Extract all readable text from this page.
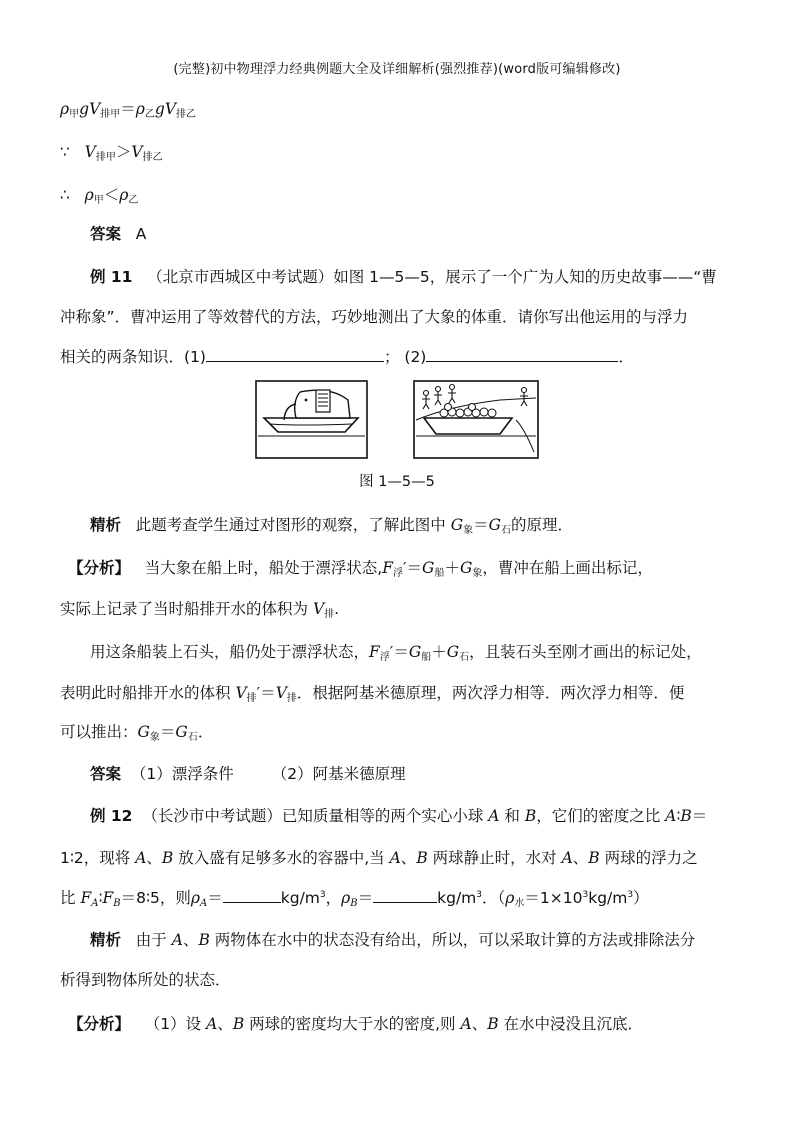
(完整)初中物理浮力经典例题大全及详细解析(强烈推荐)(word版可编辑修改)
ρ甲gV排甲＝ρ乙gV排乙
∵ V排甲＞V排乙
∴ ρ甲＜ρ乙
答案 A
例 11 （北京市西城区中考试题）如图 1—5—5，展示了一个广为人知的历史故事——“曹
冲称象”．曹冲运用了等效替代的方法，巧妙地测出了大象的体重．请你写出他运用的与浮力
相关的两条知识．(1)	； (2)	．
图 1—5—5
精析 此题考查学生通过对图形的观察，了解此图中 G象＝G石的原理．
【分析】 当大象在船上时，船处于漂浮状态,F浮′＝G船＋G象，曹冲在船上画出标记，
实际上记录了当时船排开水的体积为 V排.
用这条船装上石头，船仍处于漂浮状态，F浮′＝G船＋G石，且装石头至刚才画出的标记处，
表明此时船排开水的体积 V排′＝V排．根据阿基米德原理，两次浮力相等．两次浮力相等．便
可以推出：G象＝G石．
答案 （1）漂浮条件 （2）阿基米德原理
例 12 （长沙市中考试题）已知质量相等的两个实心小球 A 和 B，它们的密度之比 A∶B＝
1∶2，现将 A、B 放入盛有足够多水的容器中,当 A、B 两球静止时，水对 A、B 两球的浮力之
比 FA∶FB＝8∶5，则ρA＝	$kg/m^3$，ρB＝	$kg/m^3$．（ρ水$=1\times 10^3kg/m^3$）
精析 由于 A、B 两物体在水中的状态没有给出，所以，可以采取计算的方法或排除法分
析得到物体所处的状态．
【分析】 （1）设 A、B 两球的密度均大于水的密度,则 A、B 在水中浸没且沉底．
